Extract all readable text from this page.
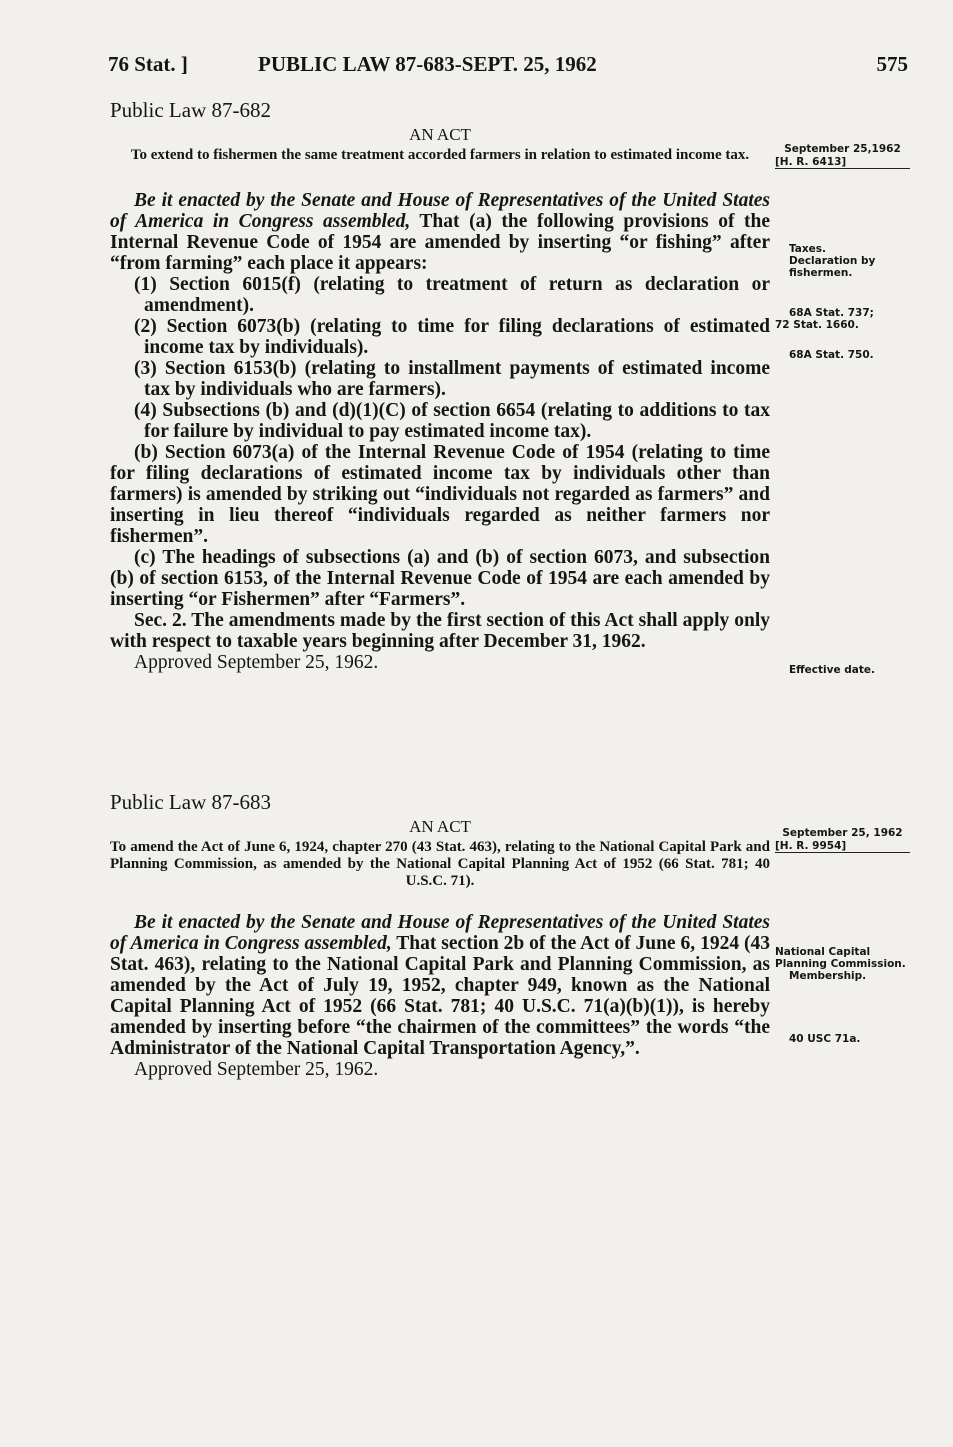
76 Stat. ]	PUBLIC LAW 87-683-SEPT. 25, 1962	575

Public Law 87-682

AN ACT

To extend to fishermen the same treatment accorded farmers in relation to estimated income tax.

Be it enacted by the Senate and House of Representatives of the United States of America in Congress assembled, That (a) the following provisions of the Internal Revenue Code of 1954 are amended by inserting “or fishing” after “from farming” each place it appears:

(1) Section 6015(f) (relating to treatment of return as declaration or amendment).

(2) Section 6073(b) (relating to time for filing declarations of estimated income tax by individuals).

(3) Section 6153(b) (relating to installment payments of estimated income tax by individuals who are farmers).

(4) Subsections (b) and (d)(1)(C) of section 6654 (relating to additions to tax for failure by individual to pay estimated income tax).

(b) Section 6073(a) of the Internal Revenue Code of 1954 (relating to time for filing declarations of estimated income tax by individuals other than farmers) is amended by striking out “individuals not regarded as farmers” and inserting in lieu thereof “individuals regarded as neither farmers nor fishermen”.

(c) The headings of subsections (a) and (b) of section 6073, and subsection (b) of section 6153, of the Internal Revenue Code of 1954 are each amended by inserting “or Fishermen” after “Farmers”.

Sec. 2. The amendments made by the first section of this Act shall apply only with respect to taxable years beginning after December 31, 1962.

Approved September 25, 1962.

September 25,1962
[H. R. 6413]
Taxes.
Declaration by fishermen.
68A Stat. 737;
72 Stat. 1660.
68A Stat. 750.
Effective date.

Public Law 87-683

AN ACT

To amend the Act of June 6, 1924, chapter 270 (43 Stat. 463), relating to the National Capital Park and Planning Commission, as amended by the National Capital Planning Act of 1952 (66 Stat. 781; 40 U.S.C. 71).

Be it enacted by the Senate and House of Representatives of the United States of America in Congress assembled, That section 2b of the Act of June 6, 1924 (43 Stat. 463), relating to the National Capital Park and Planning Commission, as amended by the Act of July 19, 1952, chapter 949, known as the National Capital Planning Act of 1952 (66 Stat. 781; 40 U.S.C. 71(a)(b)(1)), is hereby amended by inserting before “the chairmen of the committees” the words “the Administrator of the National Capital Transportation Agency,”.

Approved September 25, 1962.

September 25, 1962
[H. R. 9954]
National Capital Planning Commission.
Membership.
40 USC 71a.
